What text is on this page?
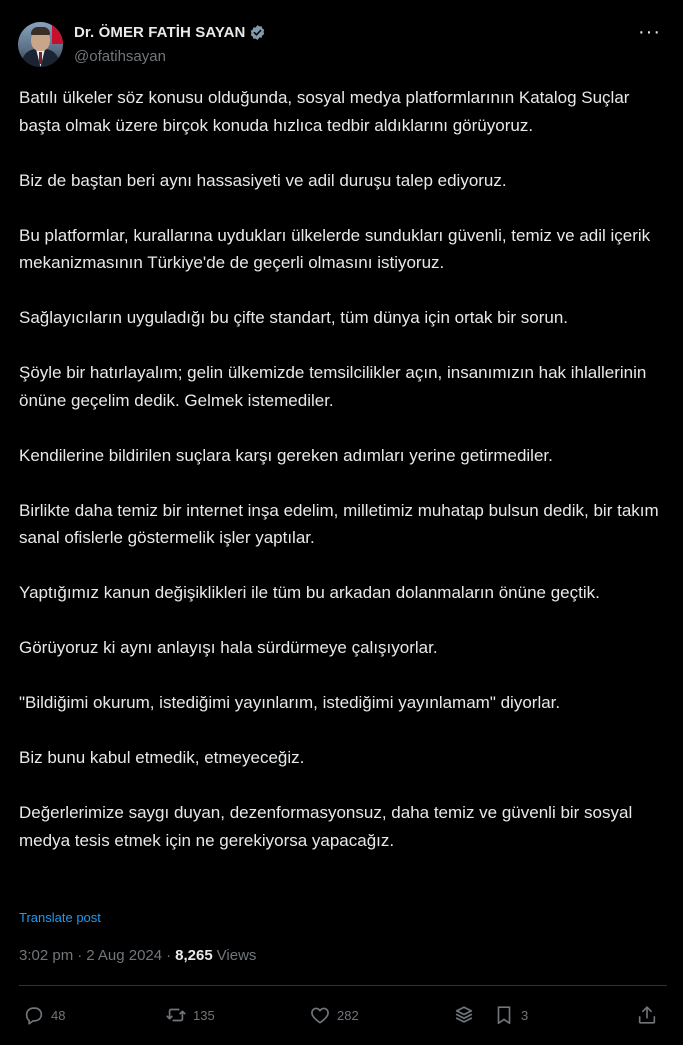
Dr. ÖMER FATİH SAYAN
@ofatihsayan
···

Batılı ülkeler söz konusu olduğunda, sosyal medya platformlarının Katalog Suçlar başta olmak üzere birçok konuda hızlıca tedbir aldıklarını görüyoruz.

Biz de baştan beri aynı hassasiyeti ve adil duruşu talep ediyoruz.

Bu platformlar, kurallarına uydukları ülkelerde sundukları güvenli, temiz ve adil içerik mekanizmasının Türkiye'de de geçerli olmasını istiyoruz.

Sağlayıcıların uyguladığı bu çifte standart, tüm dünya için ortak bir sorun.

Şöyle bir hatırlayalım; gelin ülkemizde temsilcilikler açın, insanımızın hak ihlallerinin önüne geçelim dedik. Gelmek istemediler.

Kendilerine bildirilen suçlara karşı gereken adımları yerine getirmediler.

Birlikte daha temiz bir internet inşa edelim, milletimiz muhatap bulsun dedik, bir takım sanal ofislerle göstermelik işler yaptılar.

Yaptığımız kanun değişiklikleri ile tüm bu arkadan dolanmaların önüne geçtik.

Görüyoruz ki aynı anlayışı hala sürdürmeye çalışıyorlar.

"Bildiğimi okurum, istediğimi yayınlarım, istediğimi yayınlamam" diyorlar.

Biz bunu kabul etmedik, etmeyeceğiz.

Değerlerimize saygı duyan, dezenformasyonsuz, daha temiz ve güvenli bir sosyal medya tesis etmek için ne gerekiyorsa yapacağız.

Translate post
3:02 pm · 2 Aug 2024 · 8,265 Views
48	135	282	3
